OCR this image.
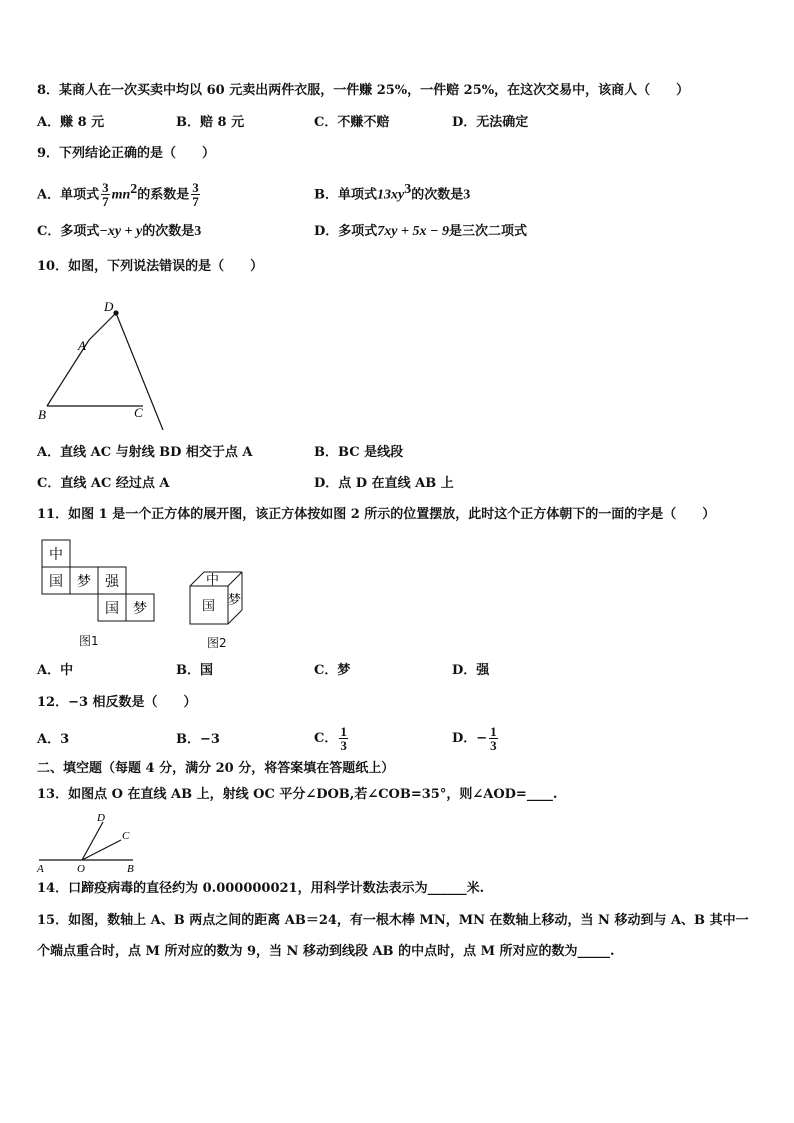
8．某商人在一次买卖中均以 60 元卖出两件衣服，一件赚 25%，一件赔 25%，在这次交易中，该商人（　　）
A．赚 8 元	B．赔 8 元	C．不赚不赔	D．无法确定
9．下列结论正确的是（　　）
A．单项式 $\frac{3}{7} mn^2$的系数是 $\frac{3}{7}$	B．单项式$13xy^3$的次数是3
C．多项式−xy + y的次数是3	D．多项式7xy + 5x − 9是三次二项式
10．如图，下列说法错误的是（　　）
D
A
B	C
A．直线 AC 与射线 BD 相交于点 A	B．BC 是线段
C．直线 AC 经过点 A	D．点 D 在直线 AB 上
11．如图 1 是一个正方体的展开图，该正方体按如图 2 所示的位置摆放，此时这个正方体朝下的一面的字是（　　）
中
国 梦 强
国 梦
图1
中
国 梦
图2
A．中	B．国	C．梦	D．强
12．−3 相反数是（　　）
A．3	B．−3	C． $\frac{1}{3}$	D．− $\frac{1}{3}$
二、填空题（每题 4 分，满分 20 分，将答案填在答题纸上）
13．如图点 O 在直线 AB 上，射线 OC 平分∠DOB,若∠COB=35°，则∠AOD=____.
D
C
A	O	B
14．口蹄疫病毒的直径约为 0.000000021，用科学计数法表示为______米.
15．如图，数轴上 A、B 两点之间的距离 AB＝24，有一根木棒 MN，MN 在数轴上移动，当 N 移动到与 A、B 其中一
个端点重合时，点 M 所对应的数为 9，当 N 移动到线段 AB 的中点时，点 M 所对应的数为_____.
